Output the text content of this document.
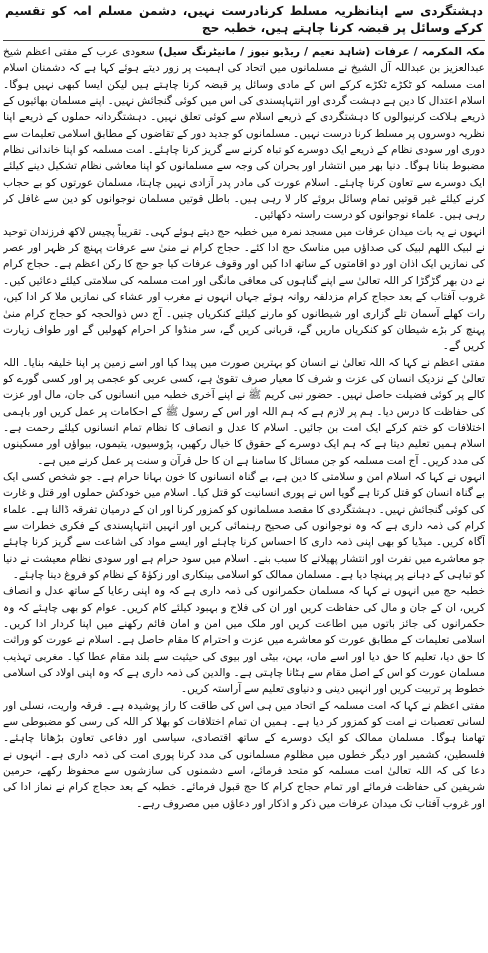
دہشتگردی سے اپنانظریہ مسلط کرنادرست نہیں، دشمن مسلم امہ کو تقسیم کرکے وسائل پر قبضہ کرنا چاہتے ہیں، خطبہ حج

مکہ المکرمہ / عرفات (شاہد نعیم / ریڈیو نیوز / مانیٹرنگ سیل) سعودی عرب کے مفتی اعظم شیخ عبدالعزیز بن عبداللہ آل الشیخ نے مسلمانوں میں اتحاد کی اہمیت پر زور دیتے ہوئے کہا ہے کہ دشمنان اسلام امت مسلمہ کو ٹکڑے ٹکڑے کرکے اس کے مادی وسائل پر قبضہ کرنا چاہتے ہیں لیکن ایسا کبھی نہیں ہوگا۔ اسلام اعتدال کا دین ہے دہشت گردی اور انتہاپسندی کی اس میں کوئی گنجائش نہیں۔ اپنے مسلمان بھائیوں کے ذریعے ہلاکت کرنیوالوں کا دہشتگردی کے ذریعے اسلام سے کوئی تعلق نہیں۔ دہشتگردانہ حملوں کے ذریعے اپنا نظریہ دوسروں پر مسلط کرنا درست نہیں۔ مسلمانوں کو جدید دور کے تقاضوں کے مطابق اسلامی تعلیمات سے دوری اور سودی نظام کے ذریعے ایک دوسرے کو تباہ کرنے سے گریز کرنا چاہئے۔ امت مسلمہ کو اپنا خاندانی نظام مضبوط بنانا ہوگا۔ دنیا بھر میں انتشار اور بحران کی وجہ سے مسلمانوں کو اپنا معاشی نظام تشکیل دینے کیلئے ایک دوسرے سے تعاون کرنا چاہئے۔ اسلام عورت کی مادر پدر آزادی نہیں چاہتا، مسلمان عورتوں کو بے حجاب کرنے کیلئے غیر قوتیں تمام وسائل بروئے کار لا رہی ہیں۔ باطل قوتیں مسلمان نوجوانوں کو دین سے غافل کر رہی ہیں۔ علماء نوجوانوں کو درست راستہ دکھائیں۔

انہوں نے یہ بات میدان عرفات میں مسجد نمرہ میں خطبہ حج دیتے ہوئے کہی۔ تقریباً پچیس لاکھ فرزندان توحید نے لبیک اللھم لبیک کی صداؤں میں مناسک حج ادا کئے۔ حجاج کرام نے منیٰ سے عرفات پہنچ کر ظہر اور عصر کی نمازیں ایک اذان اور دو اقامتوں کے ساتھ ادا کیں اور وقوف عرفات کیا جو حج کا رکن اعظم ہے۔ حجاج کرام نے دن بھر گڑگڑا کر اللہ تعالیٰ سے اپنے گناہوں کی معافی مانگی اور امت مسلمہ کی سلامتی کیلئے دعائیں کیں۔ غروب آفتاب کے بعد حجاج کرام مزدلفہ روانہ ہوئے جہاں انہوں نے مغرب اور عشاء کی نمازیں ملا کر ادا کیں، رات کھلے آسمان تلے گزاری اور شیطانوں کو مارنے کیلئے کنکریاں چنیں۔ آج دس ذوالحجہ کو حجاج کرام منیٰ پہنچ کر بڑے شیطان کو کنکریاں ماریں گے، قربانی کریں گے، سر منڈوا کر احرام کھولیں گے اور طواف زیارت کریں گے۔

مفتی اعظم نے کہا کہ اللہ تعالیٰ نے انسان کو بہترین صورت میں پیدا کیا اور اسے زمین پر اپنا خلیفہ بنایا۔ اللہ تعالیٰ کے نزدیک انسان کی عزت و شرف کا معیار صرف تقویٰ ہے، کسی عربی کو عجمی پر اور کسی گورے کو کالے پر کوئی فضیلت حاصل نہیں۔ حضور نبی کریم ﷺ نے اپنے آخری خطبہ میں انسانوں کی جان، مال اور عزت کی حفاظت کا درس دیا۔ ہم پر لازم ہے کہ ہم اللہ اور اس کے رسول ﷺ کے احکامات پر عمل کریں اور باہمی اختلافات کو ختم کرکے ایک امت بن جائیں۔ اسلام کا عدل و انصاف کا نظام تمام انسانوں کیلئے رحمت ہے۔ اسلام ہمیں تعلیم دیتا ہے کہ ہم ایک دوسرے کے حقوق کا خیال رکھیں، پڑوسیوں، یتیموں، بیواؤں اور مسکینوں کی مدد کریں۔ آج امت مسلمہ کو جن مسائل کا سامنا ہے ان کا حل قرآن و سنت پر عمل کرنے میں ہے۔

انہوں نے کہا کہ اسلام امن و سلامتی کا دین ہے، بے گناہ انسانوں کا خون بہانا حرام ہے۔ جو شخص کسی ایک بے گناہ انسان کو قتل کرتا ہے گویا اس نے پوری انسانیت کو قتل کیا۔ اسلام میں خودکش حملوں اور قتل و غارت کی کوئی گنجائش نہیں۔ دہشتگردی کا مقصد مسلمانوں کو کمزور کرنا اور ان کے درمیان تفرقہ ڈالنا ہے۔ علماء کرام کی ذمہ داری ہے کہ وہ نوجوانوں کی صحیح رہنمائی کریں اور انہیں انتہاپسندی کے فکری خطرات سے آگاہ کریں۔ میڈیا کو بھی اپنی ذمہ داری کا احساس کرنا چاہئے اور ایسے مواد کی اشاعت سے گریز کرنا چاہئے جو معاشرے میں نفرت اور انتشار پھیلانے کا سبب بنے۔ اسلام میں سود حرام ہے اور سودی نظام معیشت نے دنیا کو تباہی کے دہانے پر پہنچا دیا ہے۔ مسلمان ممالک کو اسلامی بینکاری اور زکوٰۃ کے نظام کو فروغ دینا چاہئے۔

خطبہ حج میں انہوں نے کہا کہ مسلمان حکمرانوں کی ذمہ داری ہے کہ وہ اپنی رعایا کے ساتھ عدل و انصاف کریں، ان کے جان و مال کی حفاظت کریں اور ان کی فلاح و بہبود کیلئے کام کریں۔ عوام کو بھی چاہئے کہ وہ حکمرانوں کی جائز باتوں میں اطاعت کریں اور ملک میں امن و امان قائم رکھنے میں اپنا کردار ادا کریں۔ اسلامی تعلیمات کے مطابق عورت کو معاشرے میں عزت و احترام کا مقام حاصل ہے۔ اسلام نے عورت کو وراثت کا حق دیا، تعلیم کا حق دیا اور اسے ماں، بہن، بیٹی اور بیوی کی حیثیت سے بلند مقام عطا کیا۔ مغربی تہذیب مسلمان عورت کو اس کے اصل مقام سے ہٹانا چاہتی ہے۔ والدین کی ذمہ داری ہے کہ وہ اپنی اولاد کی اسلامی خطوط پر تربیت کریں اور انہیں دینی و دنیاوی تعلیم سے آراستہ کریں۔

مفتی اعظم نے کہا کہ امت مسلمہ کے اتحاد میں ہی اس کی طاقت کا راز پوشیدہ ہے۔ فرقہ واریت، نسلی اور لسانی تعصبات نے امت کو کمزور کر دیا ہے۔ ہمیں ان تمام اختلافات کو بھلا کر اللہ کی رسی کو مضبوطی سے تھامنا ہوگا۔ مسلمان ممالک کو ایک دوسرے کے ساتھ اقتصادی، سیاسی اور دفاعی تعاون بڑھانا چاہئے۔ فلسطین، کشمیر اور دیگر خطوں میں مظلوم مسلمانوں کی مدد کرنا پوری امت کی ذمہ داری ہے۔ انہوں نے دعا کی کہ اللہ تعالیٰ امت مسلمہ کو متحد فرمائے، اسے دشمنوں کی سازشوں سے محفوظ رکھے، حرمین شریفین کی حفاظت فرمائے اور تمام حجاج کرام کا حج قبول فرمائے۔ خطبہ کے بعد حجاج کرام نے نماز ادا کی اور غروب آفتاب تک میدان عرفات میں ذکر و اذکار اور دعاؤں میں مصروف رہے۔
